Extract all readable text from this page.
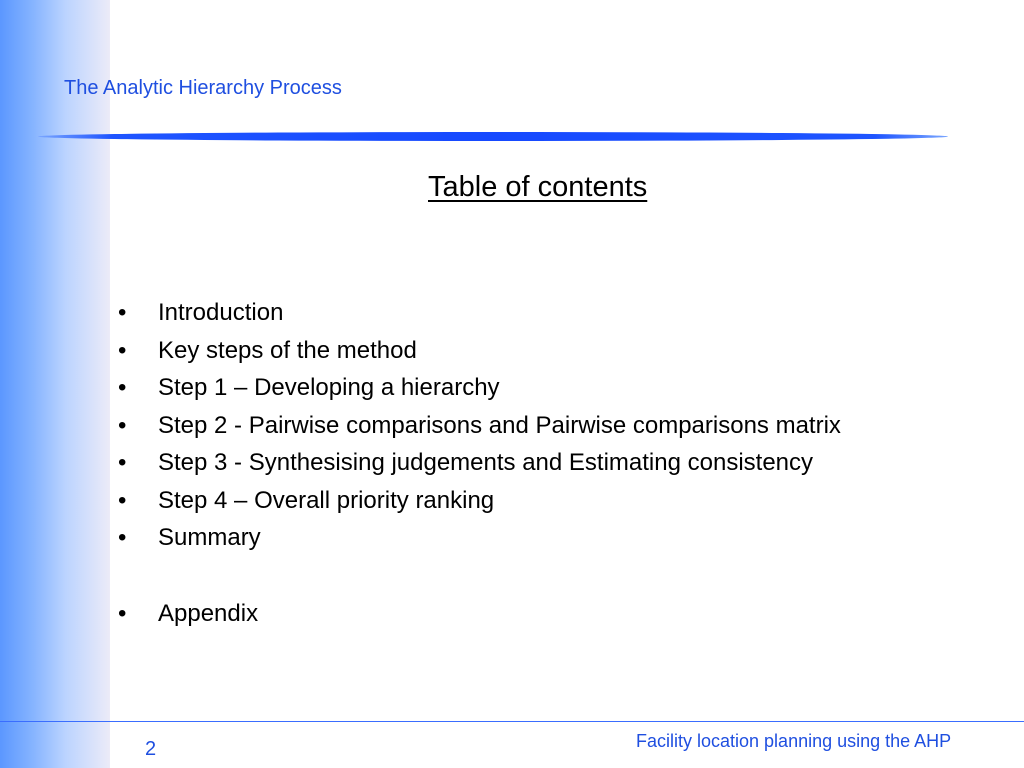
The Analytic Hierarchy Process
Table of contents
• Introduction
• Key steps of the method
• Step 1 – Developing a hierarchy
• Step 2 - Pairwise comparisons and Pairwise comparisons matrix
• Step 3 - Synthesising judgements and Estimating consistency
• Step 4 – Overall priority ranking
• Summary
• Appendix
2	Facility location planning using the AHP
